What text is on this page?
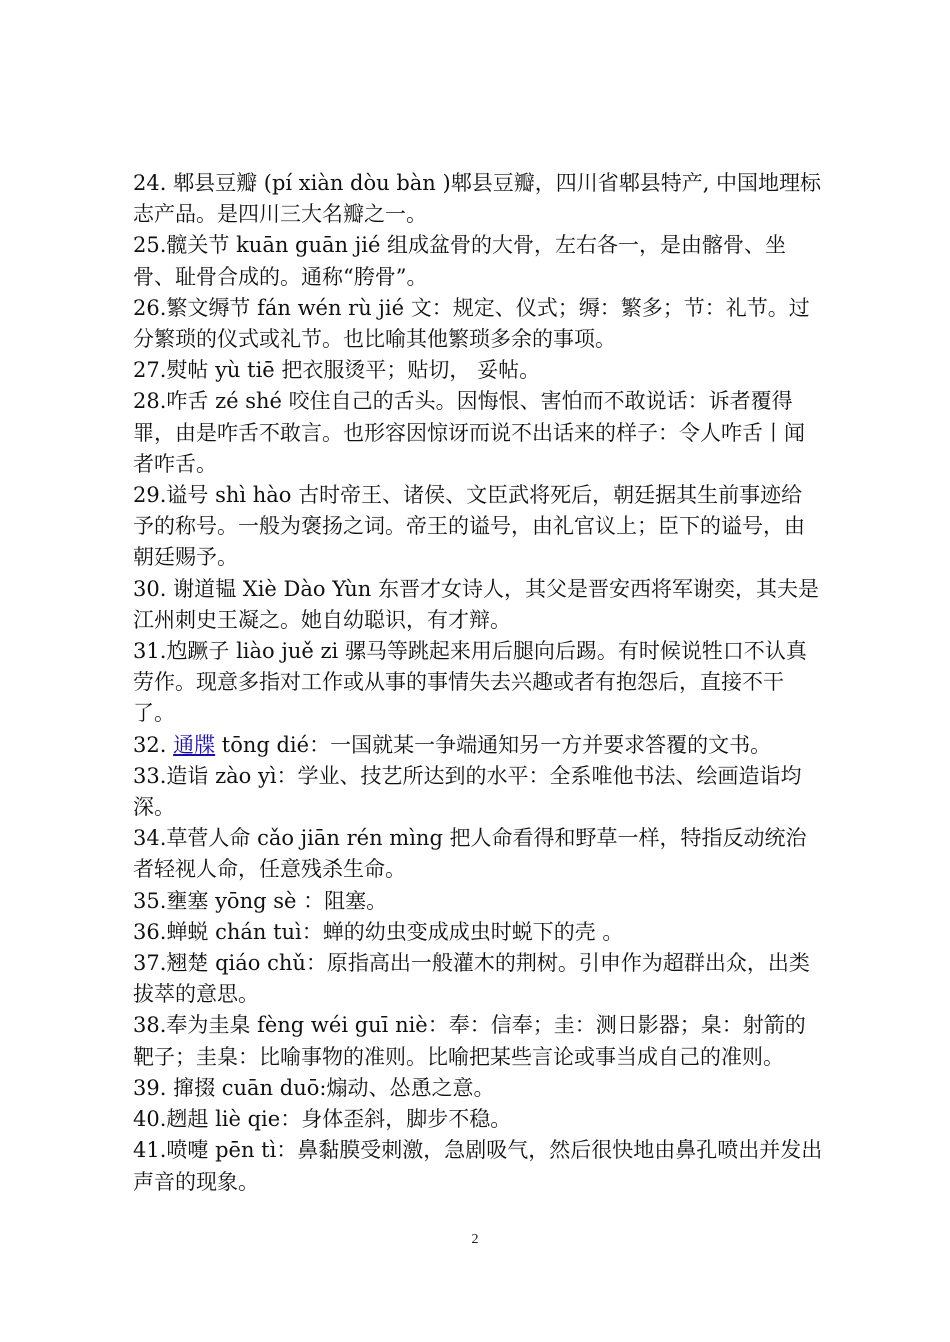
24. 郫县豆瓣 (pí xiàn dòu bàn )郫县豆瓣，四川省郫县特产, 中国地理标志产品。是四川三大名瓣之一。

25.髋关节 kuān guān jié 组成盆骨的大骨，左右各一，是由髂骨、坐骨、耻骨合成的。通称“胯骨”。

26.繁文缛节 fán wén rù jié 文：规定、仪式；缛：繁多；节：礼节。过分繁琐的仪式或礼节。也比喻其他繁琐多余的事项。

27.熨帖 yù tiē 把衣服烫平；贴切， 妥帖。

28.咋舌 zé shé 咬住自己的舌头。因悔恨、害怕而不敢说话：诉者覆得罪，由是咋舌不敢言。也形容因惊讶而说不出话来的样子：令人咋舌丨闻者咋舌。

29.谥号 shì hào 古时帝王、诸侯、文臣武将死后，朝廷据其生前事迹给予的称号。一般为褒扬之词。帝王的谥号，由礼官议上；臣下的谥号，由朝廷赐予。

30. 谢道韫 Xiè Dào Yùn 东晋才女诗人，其父是晋安西将军谢奕，其夫是江州刺史王凝之。她自幼聪识，有才辩。

31.尥蹶子 liào juě zi 骡马等跳起来用后腿向后踢。有时候说牲口不认真劳作。现意多指对工作或从事的事情失去兴趣或者有抱怨后，直接不干了。

32. 通牒 tōng dié：一国就某一争端通知另一方并要求答覆的文书。

33.造诣 zào yì：学业、技艺所达到的水平：全系唯他书法、绘画造诣均深。

34.草菅人命 cǎo jiān rén mìng 把人命看得和野草一样，特指反动统治者轻视人命，任意残杀生命。

35.壅塞 yōng sè ：阻塞。

36.蝉蜕 chán tuì：蝉的幼虫变成成虫时蜕下的壳 。

37.翘楚 qiáo chǔ：原指高出一般灌木的荆树。引申作为超群出众，出类拔萃的意思。

38.奉为圭臬 fèng wéi guī niè：奉：信奉；圭：测日影器；臬：射箭的靶子；圭臬：比喻事物的准则。比喻把某些言论或事当成自己的准则。

39. 撺掇 cuān duō:煽动、怂恿之意。

40.趔趄 liè qie：身体歪斜，脚步不稳。

41.喷嚏 pēn tì：鼻黏膜受刺激，急剧吸气，然后很快地由鼻孔喷出并发出声音的现象。

2
